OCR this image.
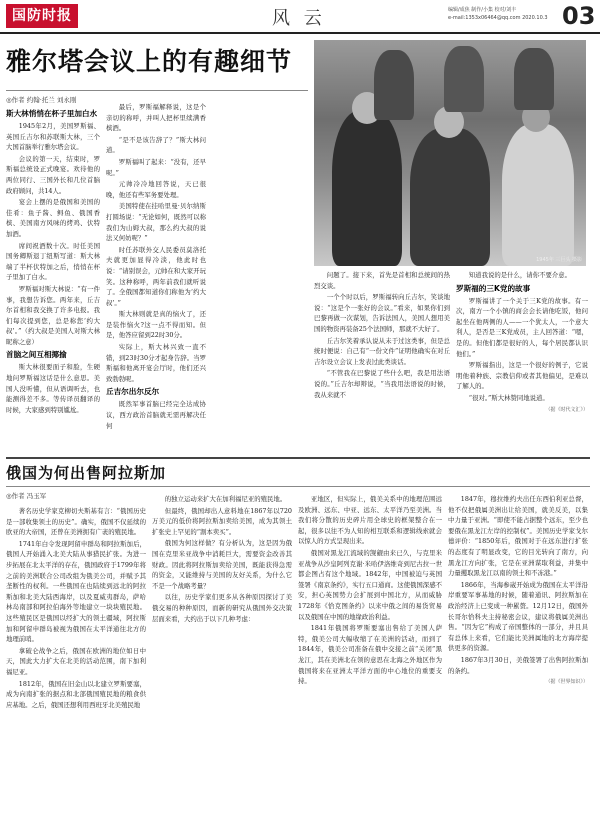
国防时报	风 云	编辑/成焦 制作/小集 校对/刘丰
e-mail:1353x06464@qq.com 2020.10.3 03
雅尔塔会议上的有趣细节
◎作者 约翰·托兰 刘永刚
1945年 三巨头 摄影
斯大林悄悄在杯子里加白水

1945年2月，美国罗斯福、英国丘吉尔和苏联斯大林，三个大国首脑举行雅尔塔会议。

会议的第一天，结束时，罗斯福总统设正式晚宴。欢待他的两位同行、三国外长和几位首脑政府顾问，共14人。

宴会上摆的是俄国和美国的佳肴：鱼子酱、鲟鱼、俄国香槟、美国南方风味的烤鸡、伏特加酒。

席间祝酒数十次。时任美国国务卿斯退丁纽斯写道：斯大林端了半杯伏特加之后，悄悄在杯子里加了白水。

罗斯福对斯大林说：“有一件事，我想告诉您。两年来，丘吉尔首相和我交换了许多电报。我们每次提到您，总是称您‘约大叔’。”（约大叔是美国人对斯大林昵称之意）

首脑之间互相揶揄

斯大林很要面子和脸，生硬地问罗斯福这话是什么意思。美国人没听懂，但从语调听去，也能测得差不多。等传译员翻译的时候，大家感到特别尴尬。

最后，罗斯福解释说，这是个亲切的称呼，并叫人把杯里续满香槟酒。

“是不是该告辞了？”斯大林问道。

罗斯福叫了起来：“没有，还早呢。”

元帅冷冷地回答说，天已很晚，他还有些军务要处理。

美国特使在挂哈里曼·贝尔纳斯打圆场说：“无论如何，既然可以称我们为山姆大叔，那么约大叔的说法又何妨呢？”

时任苏联外交人民委员莫洛托夫就更加显得冷淡，他此时也说：“请别误会，元帅在和大家开玩笑。这种称呼，两年前我们就听说了。全俄国都知道你们称他为‘约大叔’。”

斯大林则就是真的恼火了，还是装作恼火?这一点不得而知。但是，他答应留到22时30分。

实际上，斯大林兴致一直不错，到23时30分才起身告辞。当罗斯福和他离开宴会厅时，他们还兴致勃勃呢。

丘吉尔出尔反尔

既然军事首脑已经完全达成协议，西方政治首脑就无需再解决任何

问题了。接下来，首先是首相和总统间的热烈交谈。

一个个时以后，罗斯福转向丘吉尔，笑谈地说：“这是个一张好的会议。”看来，如果你们到巴黎再做一次谋划，告诉法国人，美国人想用美国的物资再装备25个法国师，那就不大好了。

丘吉尔笑着承认说从未于过这类事，但是总统时便说：自己有“一份文件”证明他确实在对丘吉尔设立会议上发表过此类谈话。

“不管我在巴黎说了些什么吧，我是用法语说的。”丘吉尔却辩说，“当我用法语说的时候，我从来就不

知道我说的是什么，请你不要介意。

罗斯福的三K党的故事

罗斯福讲了一个关于三K党的故事。有一次，南方一个小镇的商会会长请他吃饭，他问起坐在他两侧的人——一个犹太人，一个意大利人，是否是三K党成员，主人回答道：“嗯，是的。但他们都是很好的人，每个居民都认识他们。”

罗斯福指出，这是一个很好的例子，它说明他着种族、宗教信仰或者其他偏见，是难以了解人的。

“很对。”斯大林赞同地说道。

（据《时代文汇》）
俄国为何出售阿拉斯加
◎作者 冯玉军

著名历史学家克柳切夫斯基有言：“俄国历史是一部收集领土的历史”。确实，俄国不仅延续的欧亚的大帝国，还曾在美洲拥有广袤的殖民地。

1741年白令发现阿留申群岛和阿拉斯加后，俄国人开始涌入北美大陆从事猎民扩张。为进一步拓展在北太平洋的存在，俄国政府于1799年将之前的美洲联合公司改组为俄美公司，并赋予其垄断性的权利。一些俄国在也陆续到远北的阿拉斯加和北美大陆西海岸，以及夏威夷群岛，萨哈林岛南部和阿拉伯海外等地建立一块块殖民地。这些殖民区是俄国以经扩大的领土疆域，阿拉斯加和阿留申群岛被视为俄国在太平洋通往北方的地理前哨。

拿破仑战争之后，俄国在欧洲的地位如日中天，国此大力扩大在北美的活动范围，南下加利福尼亚。

1812年，俄国在旧金山以北建立罗斯要塞，成为向南扩张的据点和北部俄国殖民地的粮食供应基地。之后，俄国还想利用西班牙北美殖民地

的独立运动来扩大在加利福尼亚的殖民地。

但最终，俄国却出人意料地在1867年以720万美元的低价将阿拉斯加卖给美国，成为其领土扩张史上罕见的“割本卖买”。

俄国为何这样做？有分析认为，这是因为俄国在克里米亚战争中消耗巨大，需要资金改善其财政。因此将阿拉斯加卖给美国，既能获得急需的资金，又能维持与美国的友好关系，为什么它不是一个战略考量？

以往，历史学家们更多从各种原因探讨了美俄交易的种种原因，而新的研究从俄国外交决策层面来看，大约出于以下几种考虑：

亚地区，但实际上，俄美关系中的地理范围远及欧洲、远东、中亚、远东、太平洋乃至美洲。当我们将分散的历史碎片用全球史的框架整合在一起，很多以往不为人知的相互联系和逻辑线索就会以惊人的方式呈现出来。

俄国对黑龙江流域的觊觎由来已久，与克里米亚战争从沙皇阿列克谢·米哈伊洛维奇到尼古拉一世都企图占有这个地域。1842年，中国被迫与英国签署《南京条约》，实行五口通商。这使俄国深感不安，担心英国势力会扩展到中国北方，从而威胁1728年《恰克图条约》以来中俄之间的易货贸易以及俄国在中国的地缘政治利益。

1841年俄国将罗斯要塞出售给了美国人萨特，俄美公司大幅收缩了在美洲的活动，而到了1844年，俄美公司准备在俄中交接之前“关闭”黑龙江，其在美洲北在领的意思在北海之外地区作为俄国将来在亚洲太平洋方面的中心地位的重要支持。

1847年，穆拉维约夫出任东西伯利亚总督，他不仅把俄属美洲出让给美国，就美反美，以集中力量于亚洲。“即使不能占据整个远东，至少也要俄在黑龙江左岸的控制权”。美国历史学家戈尔德评价：“1850年后，俄国对于在远东进行扩张的态度有了明显改变，它的目光转向了南方，向黑龙江方向扩张，它是在亚洲谋取利益，并集中力量攫取黑龙江以南的领土和不冻港。”

1866年，当海参崴开始成为俄国在太平洋沿岸重要军事基地的时候，随着通讯、阿拉斯加在政治经济上已变成一种累赘。12月12日，俄国外长哥尔恰科夫主持秘密会议，建议将俄属美洲出售。“因为它”构成了帝国整体的一部分，并且具有总体上来看，它们能比美洲属地的北方海岸提供更多的资源。

1867年3月30日，美俄签署了出售阿拉斯加的条约。

（据《世界知识》）
